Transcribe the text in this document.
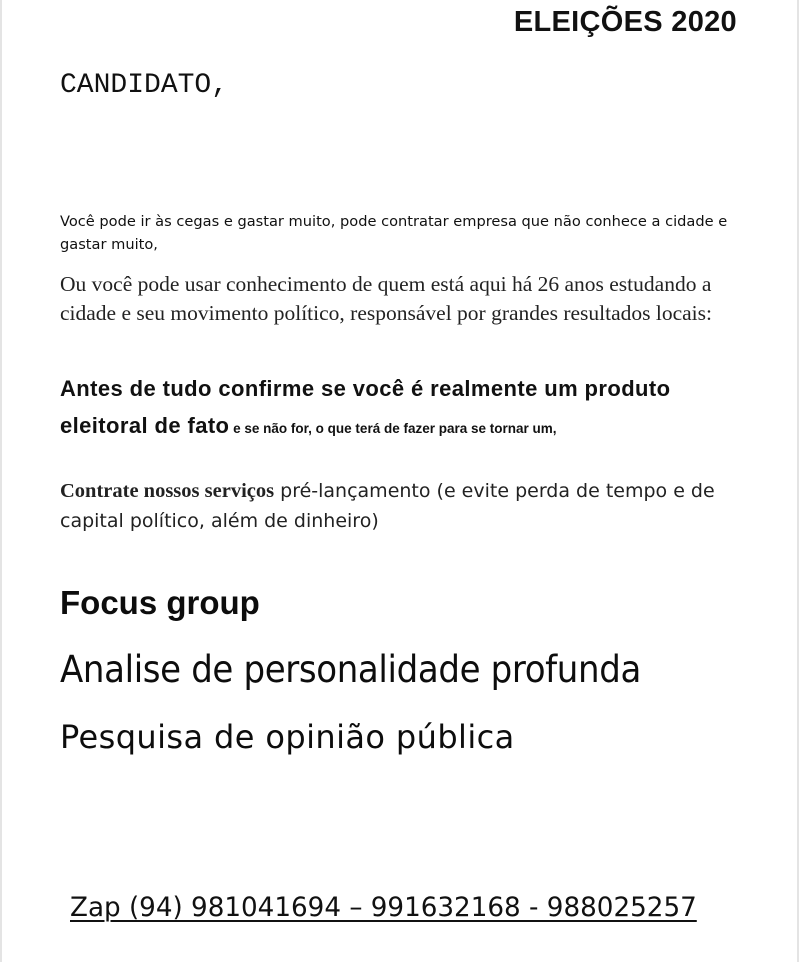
ELEIÇÕES 2020

CANDIDATO,

Você pode ir às cegas e gastar muito, pode contratar empresa que não conhece a cidade e gastar muito,

Ou você pode usar conhecimento de quem está aqui há 26 anos estudando a cidade e seu movimento político, responsável por grandes resultados locais:

Antes de tudo confirme se você é realmente um produto eleitoral de fato e se não for, o que terá de fazer para se tornar um,

Contrate nossos serviços pré-lançamento (e evite perda de tempo e de capital político, além de dinheiro)

Focus group

Analise de personalidade profunda

Pesquisa de opinião pública

Zap (94) 981041694 – 991632168 - 988025257
